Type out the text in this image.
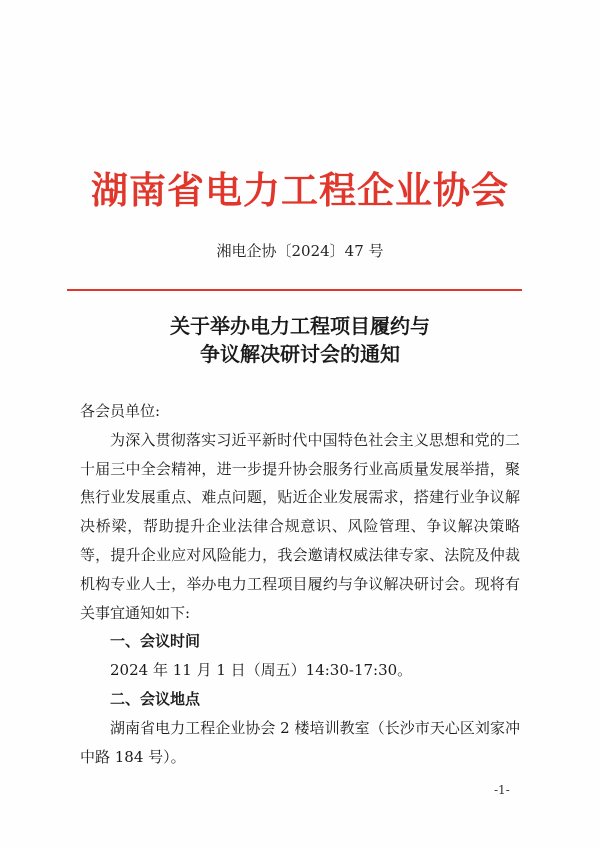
湖南省电力工程企业协会
湘电企协〔2024〕47 号
关于举办电力工程项目履约与
争议解决研讨会的通知

各会员单位:

为深入贯彻落实习近平新时代中国特色社会主义思想和党的二十届三中全会精神，进一步提升协会服务行业高质量发展举措，聚焦行业发展重点、难点问题，贴近企业发展需求，搭建行业争议解决桥梁，帮助提升企业法律合规意识、风险管理、争议解决策略等，提升企业应对风险能力，我会邀请权威法律专家、法院及仲裁机构专业人士，举办电力工程项目履约与争议解决研讨会。现将有关事宜通知如下:

一、会议时间

2024 年 11 月 1 日（周五）14:30-17:30。

二、会议地点

湖南省电力工程企业协会 2 楼培训教室（长沙市天心区刘家冲中路 184 号）。

-1-
